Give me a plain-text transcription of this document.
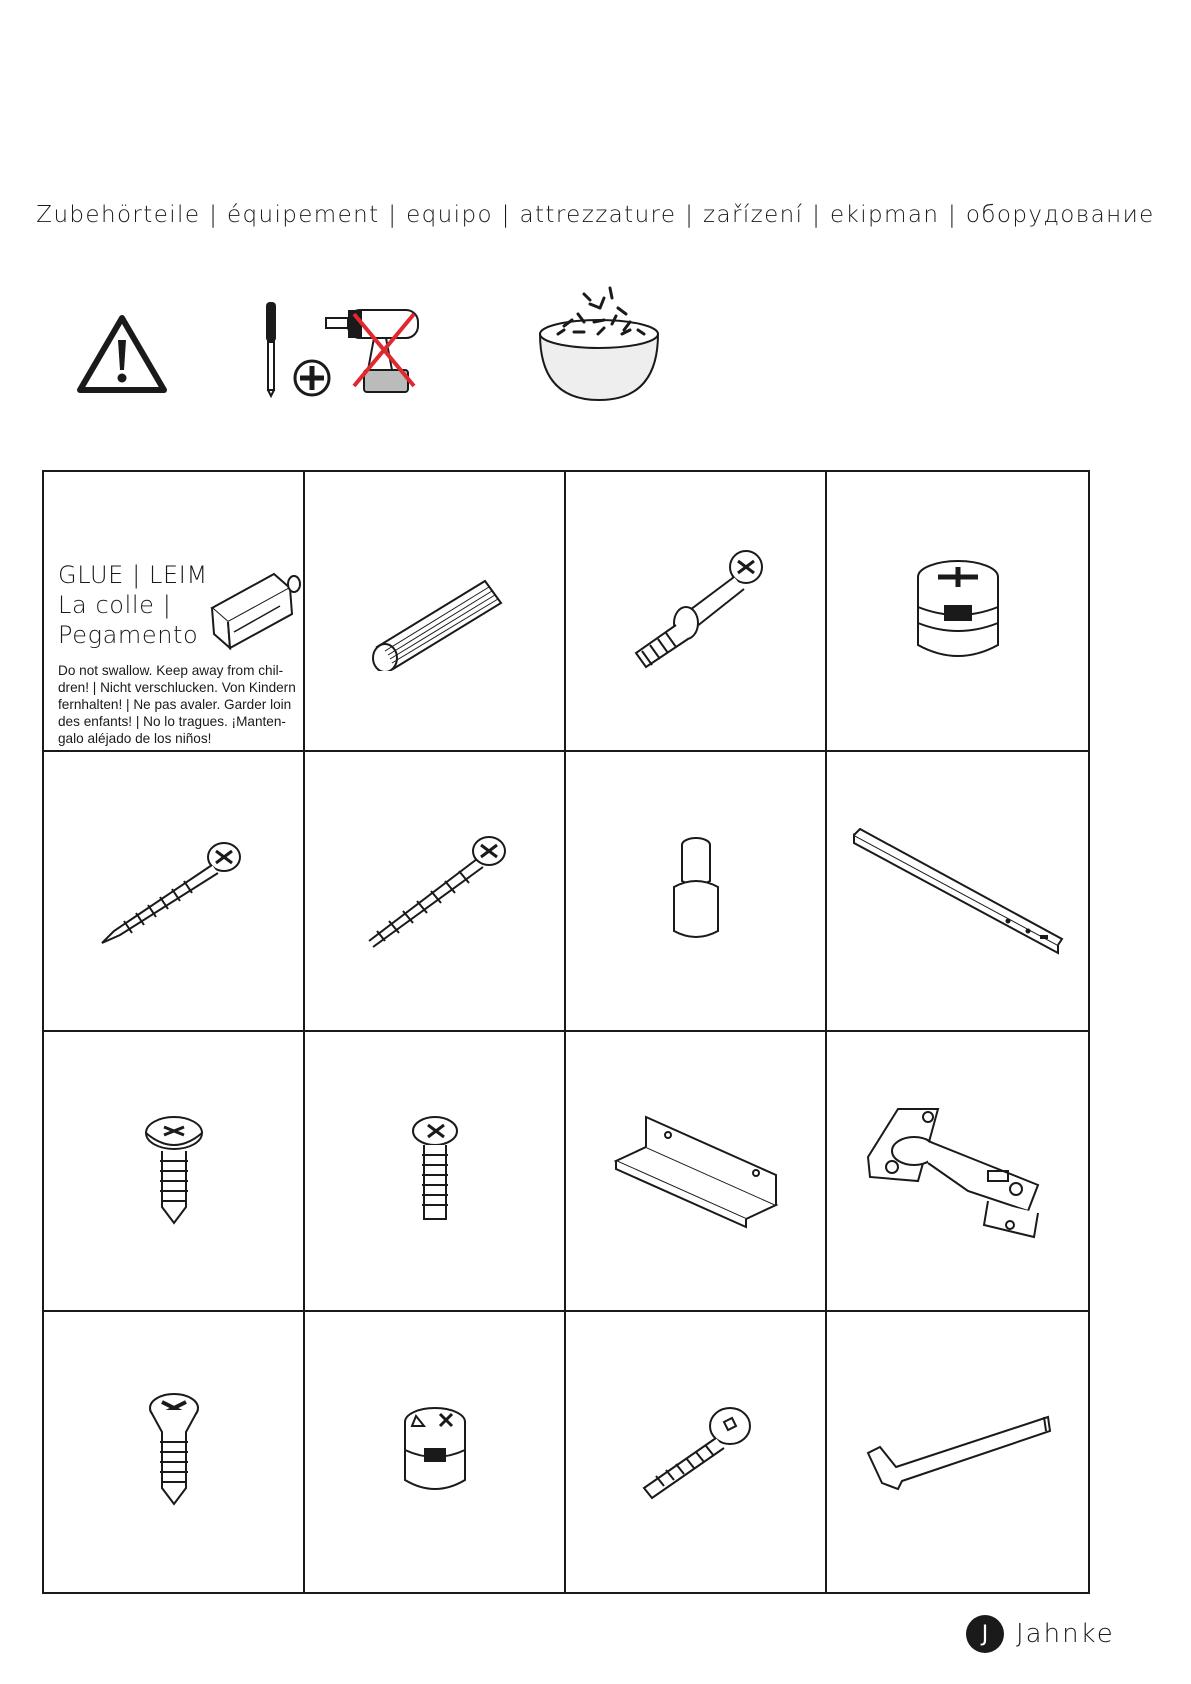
Zubehörteile | équipement | equipo | attrezzature | zařízení | ekipman | оборудование
GLUE | LEIM
La colle |
Pegamento
Do not swallow. Keep away from chil-dren! | Nicht verschlucken. Von Kindern fernhalten! | Ne pas avaler. Garder loin des enfants! | No lo tragues. ¡Manten-galo aléjado de los niños!
J	Jahnke
